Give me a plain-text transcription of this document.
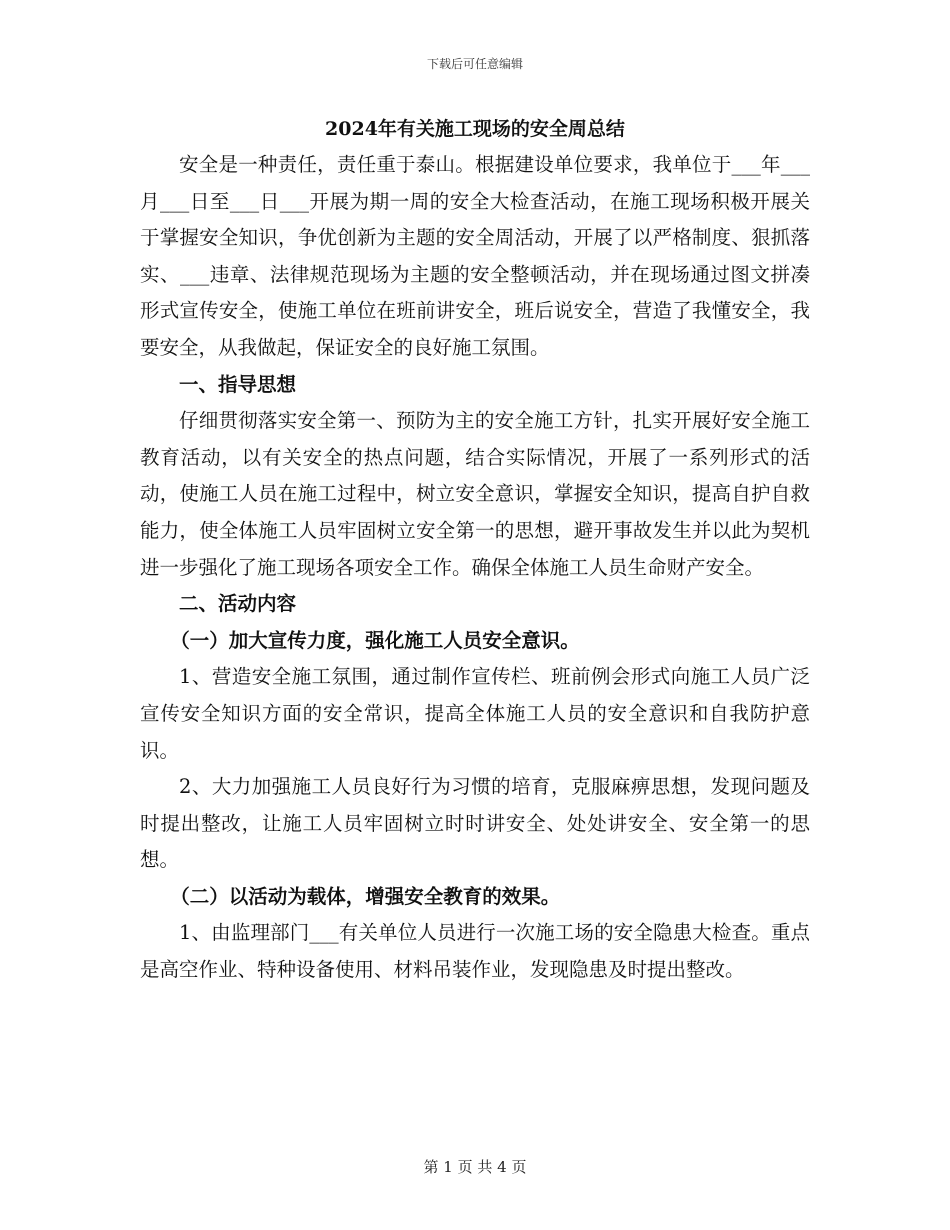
下载后可任意编辑
2024年有关施工现场的安全周总结

安全是一种责任，责任重于泰山。根据建设单位要求，我单位于___年___月___日至___日___开展为期一周的安全大检查活动，在施工现场积极开展关于掌握安全知识，争优创新为主题的安全周活动，开展了以严格制度、狠抓落实、___违章、法律规范现场为主题的安全整顿活动，并在现场通过图文拼凑形式宣传安全，使施工单位在班前讲安全，班后说安全，营造了我懂安全，我要安全，从我做起，保证安全的良好施工氛围。

一、指导思想

仔细贯彻落实安全第一、预防为主的安全施工方针，扎实开展好安全施工教育活动，以有关安全的热点问题，结合实际情况，开展了一系列形式的活动，使施工人员在施工过程中，树立安全意识，掌握安全知识，提高自护自救能力，使全体施工人员牢固树立安全第一的思想，避开事故发生并以此为契机进一步强化了施工现场各项安全工作。确保全体施工人员生命财产安全。

二、活动内容

（一）加大宣传力度，强化施工人员安全意识。

1、营造安全施工氛围，通过制作宣传栏、班前例会形式向施工人员广泛宣传安全知识方面的安全常识，提高全体施工人员的安全意识和自我防护意识。

2、大力加强施工人员良好行为习惯的培育，克服麻痹思想，发现问题及时提出整改，让施工人员牢固树立时时讲安全、处处讲安全、安全第一的思想。

（二）以活动为载体，增强安全教育的效果。

1、由监理部门___有关单位人员进行一次施工场的安全隐患大检查。重点是高空作业、特种设备使用、材料吊装作业，发现隐患及时提出整改。

第 1 页 共 4 页
